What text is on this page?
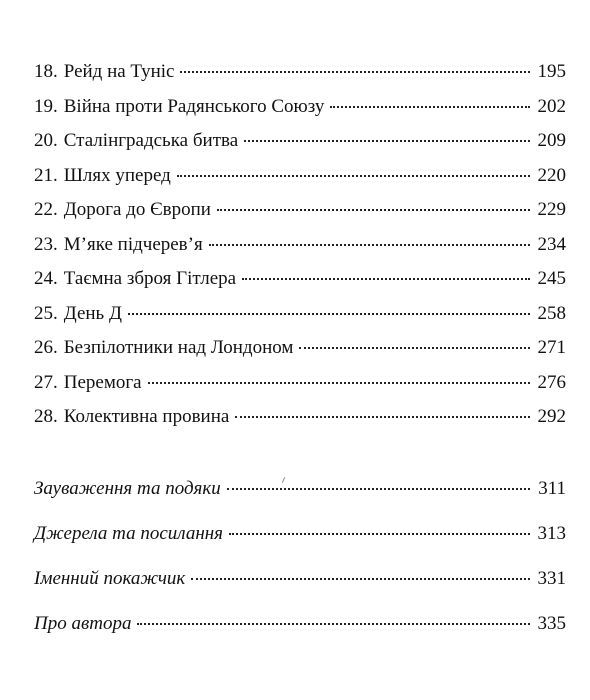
18. Рейд на Туніс	195
19. Війна проти Радянського Союзу	202
20. Сталінградська битва	209
21. Шлях уперед	220
22. Дорога до Європи	229
23. М’яке підчерев’я	234
24. Таємна зброя Гітлера	245
25. День Д	258
26. Безпілотники над Лондоном	271
27. Перемога	276
28. Колективна провина	292
Зауваження та подяки	311
Джерела та посилання	313
Іменний покажчик	331
Про автора	335
